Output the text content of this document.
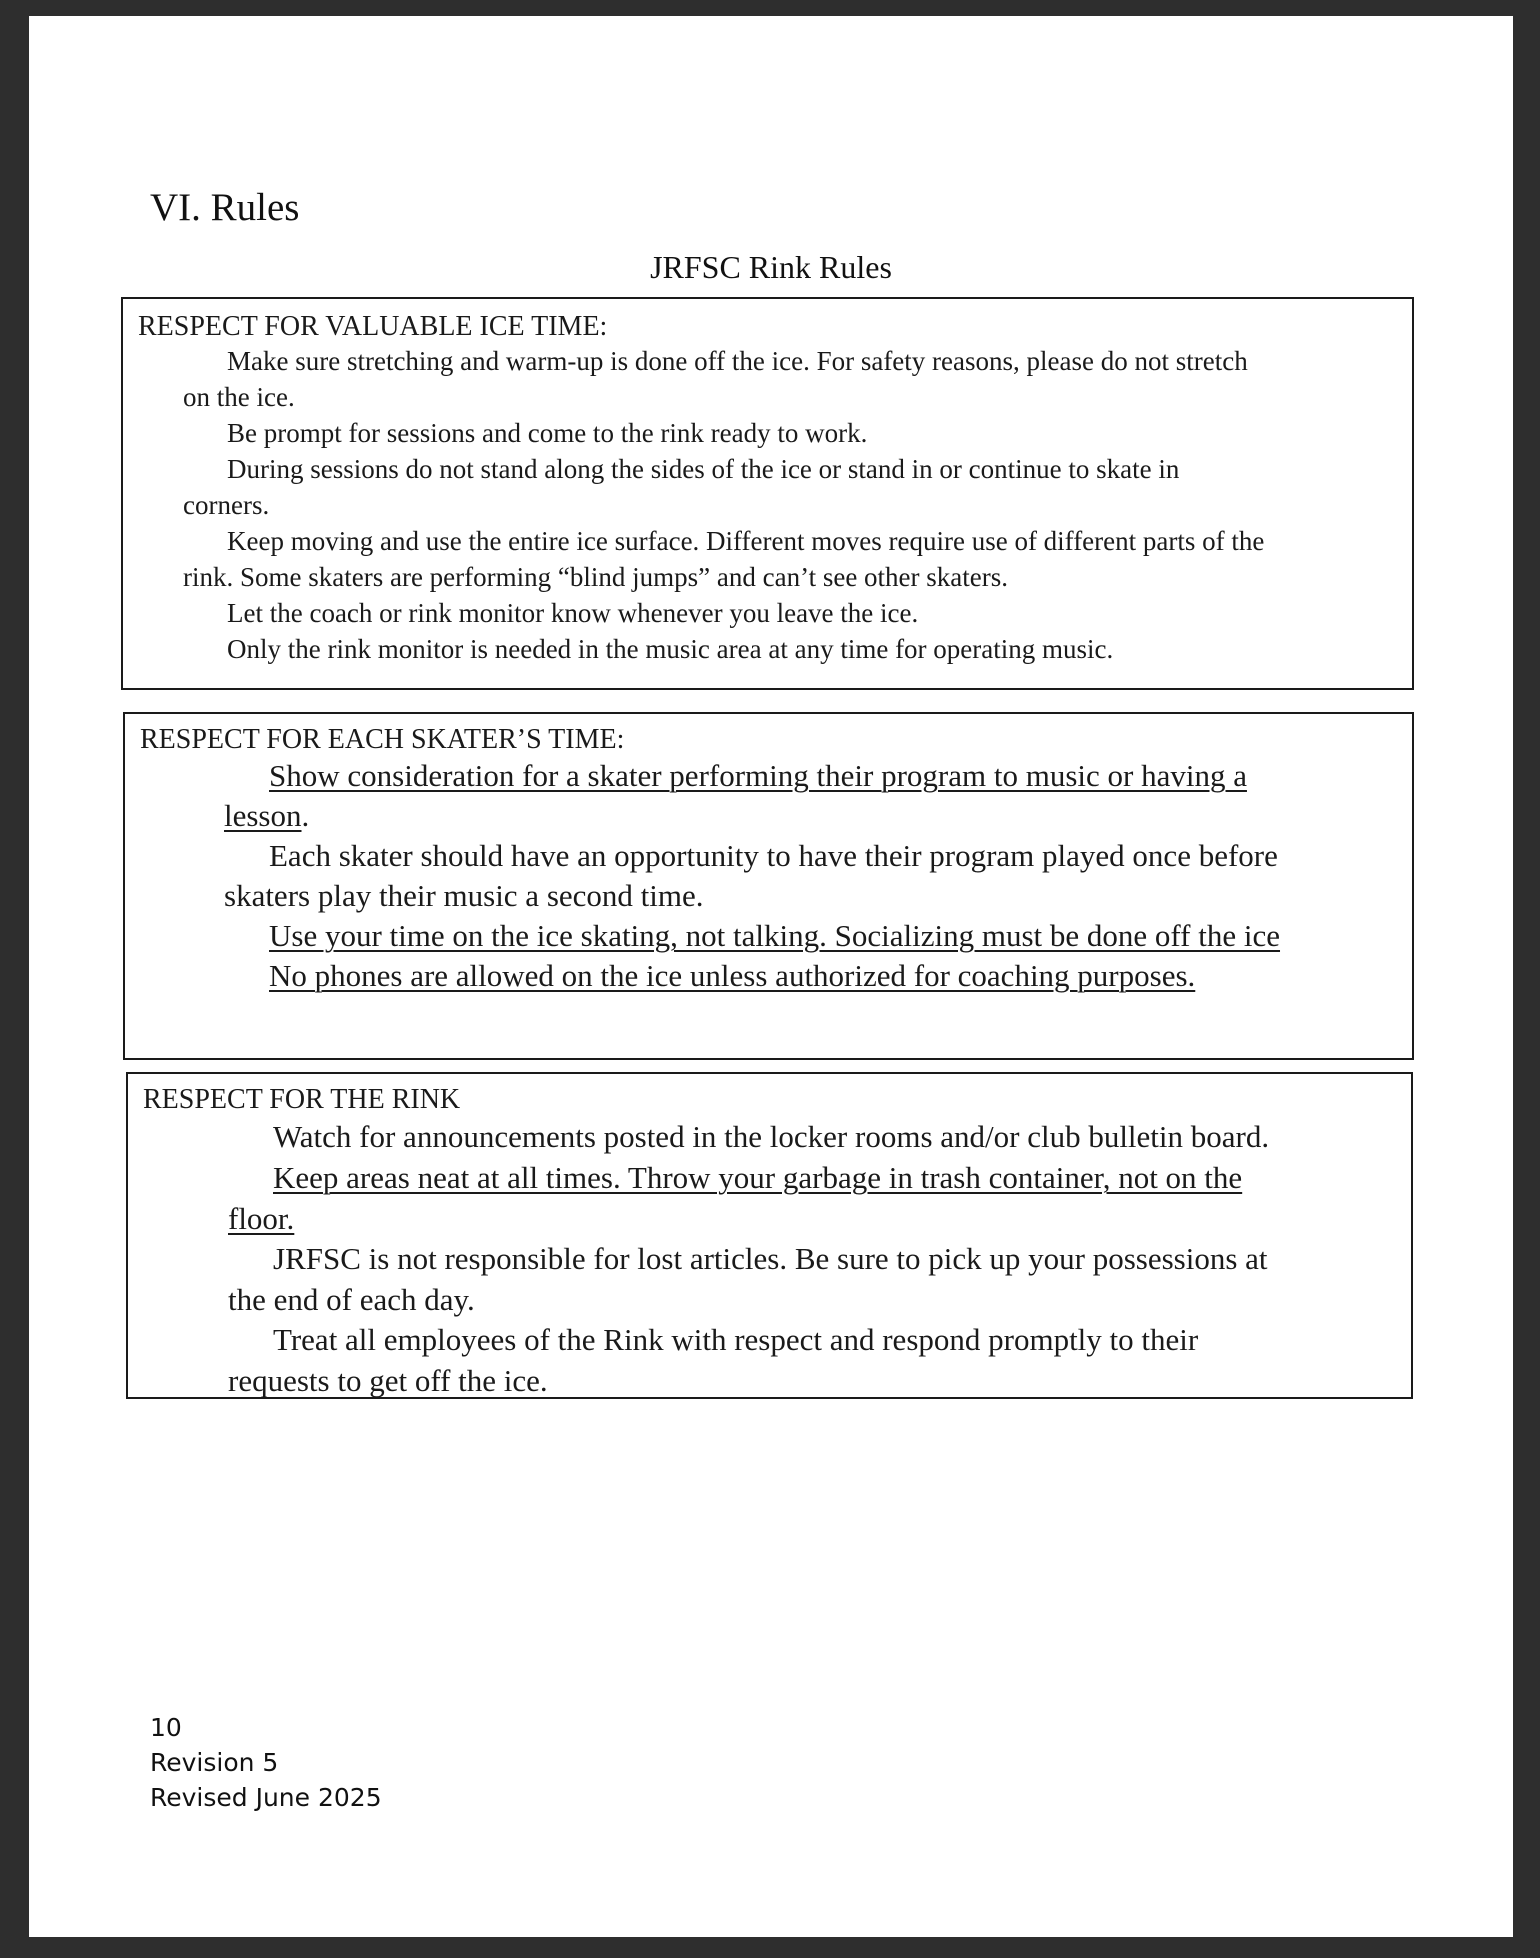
VI. Rules
JRFSC Rink Rules
RESPECT FOR VALUABLE ICE TIME:
Make sure stretching and warm-up is done off the ice. For safety reasons, please do not stretch
on the ice.
Be prompt for sessions and come to the rink ready to work.
During sessions do not stand along the sides of the ice or stand in or continue to skate in
corners.
Keep moving and use the entire ice surface. Different moves require use of different parts of the
rink. Some skaters are performing “blind jumps” and can’t see other skaters.
Let the coach or rink monitor know whenever you leave the ice.
Only the rink monitor is needed in the music area at any time for operating music.
RESPECT FOR EACH SKATER’S TIME:
Show consideration for a skater performing their program to music or having a
lesson.
Each skater should have an opportunity to have their program played once before
skaters play their music a second time.
Use your time on the ice skating, not talking. Socializing must be done off the ice
No phones are allowed on the ice unless authorized for coaching purposes.
RESPECT FOR THE RINK
Watch for announcements posted in the locker rooms and/or club bulletin board.
Keep areas neat at all times. Throw your garbage in trash container, not on the
floor.
JRFSC is not responsible for lost articles. Be sure to pick up your possessions at
the end of each day.
Treat all employees of the Rink with respect and respond promptly to their
requests to get off the ice.
10
Revision 5
Revised June 2025
